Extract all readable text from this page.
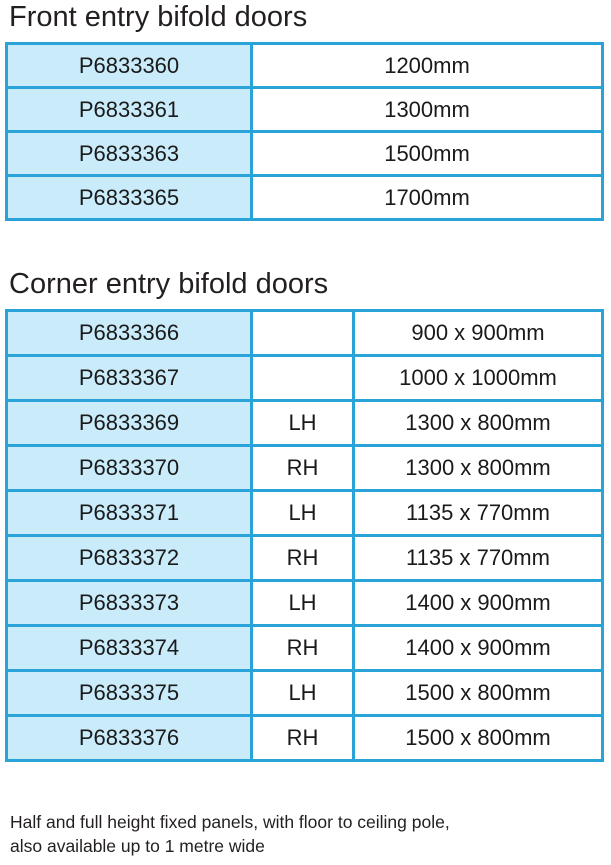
Front entry bifold doors
P6833360	1200mm
P6833361	1300mm
P6833363	1500mm
P6833365	1700mm
Corner entry bifold doors
P6833366		900 x 900mm
P6833367		1000 x 1000mm
P6833369	LH	1300 x 800mm
P6833370	RH	1300 x 800mm
P6833371	LH	1135 x 770mm
P6833372	RH	1135 x 770mm
P6833373	LH	1400 x 900mm
P6833374	RH	1400 x 900mm
P6833375	LH	1500 x 800mm
P6833376	RH	1500 x 800mm

Half and full height fixed panels, with floor to ceiling pole,
also available up to 1 metre wide
